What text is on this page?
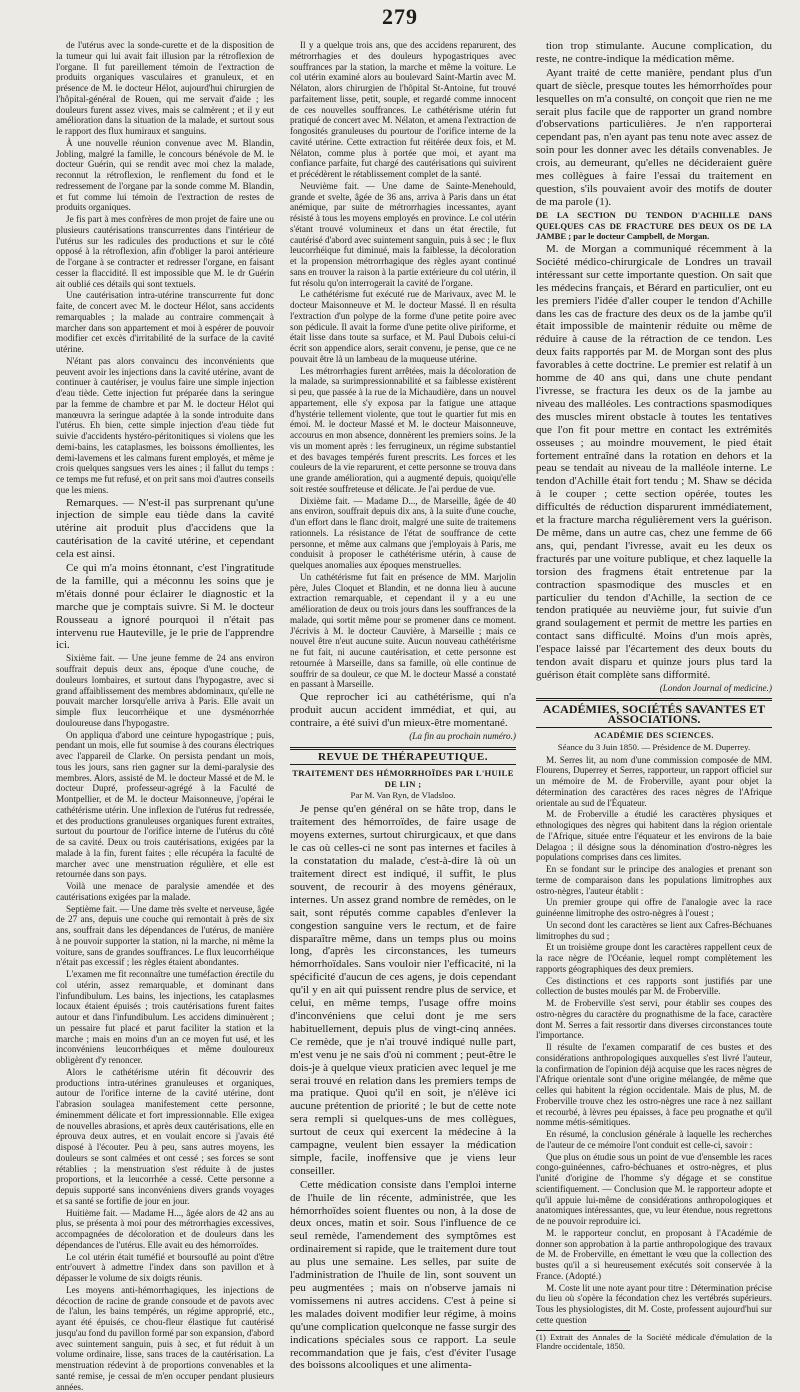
279

de l'utérus avec la sonde-curette et de la disposition de la tumeur qui lui avait fait illusion par la rétroflexion de l'organe. Il fut pareillement témoin de l'extraction de produits organiques vasculaires et granuleux, et en présence de M. le docteur Hélot, aujourd'hui chirurgien de l'hôpital-général de Rouen, qui me servait d'aide ; les douleurs furent assez vives, mais se calmèrent ; et il y eut amélioration dans la situation de la malade, et surtout sous le rapport des flux humiraux et sanguins.

À une nouvelle réunion convenue avec M. Blandin, Jobling, malgré la famille, le concours bénévole de M. le docteur Guérin, qui se rendit avec moi chez la malade, reconnut la rétroflexion, le renflement du fond et le redressement de l'organe par la sonde comme M. Blandin, et fut comme lui témoin de l'extraction de restes de produits organiques.

Je fis part à mes confrères de mon projet de faire une ou plusieurs cautérisations transcurrentes dans l'intérieur de l'utérus sur les radicules des productions et sur le côté opposé à la rétroflexion, afin d'obliger la paroi antérieure de l'organe à se contracter et redresser l'organe, en faisant cesser la flaccidité. Il est impossible que M. le dr Guérin ait oublié ces détails qui sont textuels.

Une cautérisation intra-utérine transcurrente fut donc faite, de concert avec M. le docteur Hélot, sans accidents remarquables ; la malade au contraire commençait à marcher dans son appartement et moi à espérer de pouvoir modifier cet excès d'irritabilité de la surface de la cavité utérine.

N'étant pas alors convaincu des inconvénients que peuvent avoir les injections dans la cavité utérine, avant de continuer à cautériser, je voulus faire une simple injection d'eau tiède. Cette injection fut préparée dans la seringue par la femme de chambre et par M. le docteur Hélot qui manœuvra la seringue adaptée à la sonde introduite dans l'utérus. Eh bien, cette simple injection d'eau tiède fut suivie d'accidents hystéro-péritonitiques si violens que les demi-bains, les cataplasmes, les boissons émollientes, les demi-lavemens et les calmans furent employés, et même je crois quelques sangsues vers les aines ; il fallut du temps : ce temps me fut refusé, et on prit sans moi d'autres conseils que les miens.

Remarques. — N'est-il pas surprenant qu'une injection de simple eau tiède dans la cavité utérine ait produit plus d'accidens que la cautérisation de la cavité utérine, et cependant cela est ainsi.

Ce qui m'a moins étonnant, c'est l'ingratitude de la famille, qui a méconnu les soins que je m'étais donné pour éclairer le diagnostic et la marche que je comptais suivre. Si M. le docteur Rousseau a ignoré pourquoi il n'était pas intervenu rue Hauteville, je le prie de l'apprendre ici.

Sixième fait. — Une jeune femme de 24 ans environ souffrait depuis deux ans, époque d'une couche, de douleurs lombaires, et surtout dans l'hypogastre, avec si grand affaiblissement des membres abdominaux, qu'elle ne pouvait marcher lorsqu'elle arriva à Paris. Elle avait un simple flux leucorrhéique et une dysménorrhée douloureuse dans l'hypogastre.

On appliqua d'abord une ceinture hypogastrique ; puis, pendant un mois, elle fut soumise à des courans électriques avec l'appareil de Clarke. On persista pendant un mois, tous les jours, sans rien gagner sur la demi-paralysie des membres. Alors, assisté de M. le docteur Massé et de M. le docteur Dupré, professeur-agrégé à la Faculté de Montpellier, et de M. le docteur Maisonneuve, j'opérai le cathétérisme utérin. Une inflexion de l'utérus fut redressée, et des productions granuleuses organiques furent extraites, surtout du pourtour de l'orifice interne de l'utérus du côté de sa cavité. Deux ou trois cautérisations, exigées par la malade à la fin, furent faites ; elle récupéra la faculté de marcher avec une menstruation régulière, et elle est retournée dans son pays.

Voilà une menace de paralysie amendée et des cautérisations exigées par la malade.

Septième fait. — Une dame très svelte et nerveuse, âgée de 27 ans, depuis une couche qui remontait à près de six ans, souffrait dans les dépendances de l'utérus, de manière à ne pouvoir supporter la station, ni la marche, ni même la voiture, sans de grandes souffrances. Le flux leucorrhéique n'était pas excessif ; les règles étaient abondantes.

L'examen me fit reconnaître une tuméfaction érectile du col utérin, assez remarquable, et dominant dans l'infundibulum. Les bains, les injections, les cataplasmes locaux étaient épuisés ; trois cautérisations furent faites autour et dans l'infundibulum. Les accidens diminuèrent ; un pessaire fut placé et parut faciliter la station et la marche ; mais en moins d'un an ce moyen fut usé, et les inconvéniens leucorrhéiques et même douloureux obligèrent d'y renoncer.

Alors le cathétérisme utérin fit découvrir des productions intra-utérines granuleuses et organiques, autour de l'orifice interne de la cavité utérine, dont l'abrasion soulagea manifestement cette personne, éminemment délicate et fort impressionnable. Elle exigea de nouvelles abrasions, et après deux cautérisations, elle en éprouva deux autres, et en voulait encore si j'avais été disposé à l'écouter. Peu à peu, sans autres moyens, les douleurs se sont calmées et ont cessé ; ses forces se sont rétablies ; la menstruation s'est réduite à de justes proportions, et la leucorrhée a cessé. Cette personne a depuis supporté sans inconvéniens divers grands voyages et sa santé se fortifie de jour en jour.

Huitième fait. — Madame H..., âgée alors de 42 ans au plus, se présenta à moi pour des métrorrhagies excessives, accompagnées de décoloration et de douleurs dans les dépendances de l'utérus. Elle avait eu des hémorroïdes.

Le col utérin était tuméfié et boursouflé au point d'être entr'ouvert à admettre l'index dans son pavillon et à dépasser le volume de six doigts réunis.

Les moyens anti-hémorrhagiques, les injections de décoction de racine de grande consoude et de pavots avec de l'alun, les bains tempérés, un régime approprié, etc., ayant été épuisés, ce chou-fleur élastique fut cautérisé jusqu'au fond du pavillon formé par son expansion, d'abord avec suintement sanguin, puis à sec, et fut réduit à un volume ordinaire, lisse, sans traces de la cautérisation. La menstruation rédevint à de proportions convenables et la santé remise, je cessai de m'en occuper pendant plusieurs années.

Il y a quelque trois ans, que des accidens reparurent, des métrorrhagies et des douleurs hypogastriques avec souffrances par la station, la marche et même la voiture. Le col utérin examiné alors au boulevard Saint-Martin avec M. Nélaton, alors chirurgien de l'hôpital St-Antoine, fut trouvé parfaitement lisse, petit, souple, et regardé comme innocent de ces nouvelles souffrances. Le cathétérisme utérin fut pratiqué de concert avec M. Nélaton, et amena l'extraction de fongosités granuleuses du pourtour de l'orifice interne de la cavité utérine. Cette extraction fut réitérée deux fois, et M. Nélaton, comme plus à portée que moi, et ayant ma confiance parfaite, fut chargé des cautérisations qui suivirent et précédèrent le rétablissement complet de la santé.

Neuvième fait. — Une dame de Sainte-Menehould, grande et svelte, âgée de 36 ans, arriva à Paris dans un état anémique, par suite de métrorrhagies incessantes, ayant résisté à tous les moyens employés en province. Le col utérin s'étant trouvé volumineux et dans un état érectile, fut cautérisé d'abord avec suintement sanguin, puis à sec ; le flux leucorrhéique fut diminué, mais la faiblesse, la décoloration et la propension métrorrhagique des règles ayant continué sans en trouver la raison à la partie extérieure du col utérin, il fut résolu qu'on interrogerait la cavité de l'organe.

Le cathétérisme fut exécuté rue de Marivaux, avec M. le docteur Maisonneuve et M. le docteur Massé. Il en résulta l'extraction d'un polype de la forme d'une petite poire avec son pédicule. Il avait la forme d'une petite olive piriforme, et était lisse dans toute sa surface, et M. Paul Dubois celui-ci écrit son appendice alors, serait convenu, je pense, que ce ne pouvait être là un lambeau de la muqueuse utérine.

Les métrorrhagies furent arrêtées, mais la décoloration de la malade, sa surimpressionnabilité et sa faiblesse existèrent si peu, que passée à la rue de la Michaudière, dans un nouvel appartement, elle s'y exposa par la fatigue une attaque d'hystérie tellement violente, que tout le quartier fut mis en émoi. M. le docteur Massé et M. le docteur Maisonneuve, accourus en mon absence, donnèrent les premiers soins. Je la vis un moment après : les ferrugineux, un régime substantiel et des bavages tempérés furent prescrits. Les forces et les couleurs de la vie reparurent, et cette personne se trouva dans une grande amélioration, qui a augmenté depuis, quoiqu'elle soit restée souffreteuse et délicate. Je l'ai perdue de vue.

Dixième fait. — Madame D..., de Marseille, âgée de 40 ans environ, souffrait depuis dix ans, à la suite d'une couche, d'un effort dans le flanc droit, malgré une suite de traitemens rationnels. La résistance de l'état de souffrance de cette personne, et même aux calmans que j'employais à Paris, me conduisit à proposer le cathétérisme utérin, à cause de quelques anomalies aux époques menstruelles.

Un cathétérisme fut fait en présence de MM. Marjolin père, Jules Cloquet et Blandin, et ne donna lieu à aucune extraction remarquable, et cependant il y a eu une amélioration de deux ou trois jours dans les souffrances de la malade, qui sortit même pour se promener dans ce moment. J'écrivis à M. le docteur Cauvière, à Marseille ; mais ce nouvel être n'eut aucune suite. Aucun nouveau cathétérisme ne fut fait, ni aucune cautérisation, et cette personne est retournée à Marseille, dans sa famille, où elle continue de souffrir de sa douleur, ce que M. le docteur Massé a constaté en passant à Marseille.

Que reprocher ici au cathétérisme, qui n'a produit aucun accident immédiat, et qui, au contraire, a été suivi d'un mieux-être momentané.

(La fin au prochain numéro.)

REVUE DE THÉRAPEUTIQUE.
TRAITEMENT DES HÉMORRHOÏDES PAR L'HUILE DE LIN ;
Par M. Van Ryn, de Vladsloo.

Je pense qu'en général on se hâte trop, dans le traitement des hémorroïdes, de faire usage de moyens externes, surtout chirurgicaux, et que dans le cas où celles-ci ne sont pas internes et faciles à la constatation du malade, c'est-à-dire là où un traitement direct est indiqué, il suffit, le plus souvent, de recourir à des moyens généraux, internes. Un assez grand nombre de remèdes, on le sait, sont réputés comme capables d'enlever la congestion sanguine vers le rectum, et de faire disparaître même, dans un temps plus ou moins long, d'après les circonstances, les tumeurs hémorrhoïdales. Sans vouloir nier l'efficacité, ni la spécificité d'aucun de ces agens, je dois cependant qu'il y en ait qui puissent rendre plus de service, et celui, en même temps, l'usage offre moins d'inconvéniens que celui dont je me sers habituellement, depuis plus de vingt-cinq années. Ce remède, que je n'ai trouvé indiqué nulle part, m'est venu je ne sais d'où ni comment ; peut-être le dois-je à quelque vieux praticien avec lequel je me serai trouvé en relation dans les premiers temps de ma pratique. Quoi qu'il en soit, je n'élève ici aucune prétention de priorité ; le but de cette note sera rempli si quelques-uns de mes collègues, surtout de ceux qui exercent la médecine à la campagne, veulent bien essayer la médication simple, facile, inoffensive que je viens leur conseiller.

Cette médication consiste dans l'emploi interne de l'huile de lin récente, administrée, que les hémorrhoïdes soient fluentes ou non, à la dose de deux onces, matin et soir. Sous l'influence de ce seul remède, l'amendement des symptômes est ordinairement si rapide, que le traitement dure tout au plus une semaine. Les selles, par suite de l'administration de l'huile de lin, sont souvent un peu augmentées ; mais on n'observe jamais ni vomissemens ni autres accidens. C'est à peine si les malades doivent modifier leur régime, à moins qu'une complication quelconque ne fasse surgir des indications spéciales sous ce rapport. La seule recommandation que je fais, c'est d'éviter l'usage des boissons alcooliques et une alimenta-

tion trop stimulante. Aucune complication, du reste, ne contre-indique la médication même.

Ayant traité de cette manière, pendant plus d'un quart de siècle, presque toutes les hémorrhoïdes pour lesquelles on m'a consulté, on conçoit que rien ne me serait plus facile que de rapporter un grand nombre d'observations particulières. Je n'en rapporterai cependant pas, n'en ayant pas tenu note avec assez de soin pour les donner avec les détails convenables. Je crois, au demeurant, qu'elles ne décideraient guère mes collègues à faire l'essai du traitement en question, s'ils pouvaient avoir des motifs de douter de ma parole (1).

DE LA SECTION DU TENDON D'ACHILLE DANS QUELQUES CAS DE FRACTURE DES DEUX OS DE LA JAMBE ; par le docteur Campbell, de Morgan.

M. de Morgan a communiqué récemment à la Société médico-chirurgicale de Londres un travail intéressant sur cette importante question. On sait que les médecins français, et Bérard en particulier, ont eu les premiers l'idée d'aller couper le tendon d'Achille dans les cas de fracture des deux os de la jambe qu'il était impossible de maintenir réduite ou même de réduire à cause de la rétraction de ce tendon. Les deux faits rapportés par M. de Morgan sont des plus favorables à cette doctrine. Le premier est relatif à un homme de 40 ans qui, dans une chute pendant l'ivresse, se fractura les deux os de la jambe au niveau des malléoles. Les contractions spasmodiques des muscles mirent obstacle à toutes les tentatives que l'on fit pour mettre en contact les extrémités osseuses ; au moindre mouvement, le pied était fortement entraîné dans la rotation en dehors et la peau se tendait au niveau de la malléole interne. Le tendon d'Achille était fort tendu ; M. Shaw se décida à le couper ; cette section opérée, toutes les difficultés de réduction disparurent immédiatement, et la fracture marcha régulièrement vers la guérison. De même, dans un autre cas, chez une femme de 66 ans, qui, pendant l'ivresse, avait eu les deux os fracturés par une voiture publique, et chez laquelle la torsion des fragmens était entretenue par la contraction spasmodique des muscles et en particulier du tendon d'Achille, la section de ce tendon pratiquée au neuvième jour, fut suivie d'un grand soulagement et permit de mettre les parties en contact sans difficulté. Moins d'un mois après, l'espace laissé par l'écartement des deux bouts du tendon avait disparu et quinze jours plus tard la guérison était complète sans difformité.

(London Journal of medicine.)

ACADÉMIES, SOCIÉTÉS SAVANTES ET ASSOCIATIONS.
ACADÉMIE DES SCIENCES.
Séance du 3 Juin 1850. — Présidence de M. Duperrey.

M. Serres lit, au nom d'une commission composée de MM. Flourens, Duperrey et Serres, rapporteur, un rapport officiel sur un mémoire de M. de Froberville, ayant pour objet la détermination des caractères des races nègres de l'Afrique orientale au sud de l'Équateur.

M. de Froberville a étudié les caractères physiques et ethnologiques des nègres qui habitent dans la région orientale de l'Afrique, située entre l'équateur et les environs de la baie Delagoa ; il désigne sous la dénomination d'ostro-nègres les populations comprises dans ces limites.

En se fondant sur le principe des analogies et prenant son terme de comparaison dans les populations limitrophes aux ostro-nègres, l'auteur établit :

Un premier groupe qui offre de l'analogie avec la race guinéenne limitrophe des ostro-nègres à l'ouest ;

Un second dont les caractères se lient aux Cafres-Béchuanes limitrophes du sud ;

Et un troisième groupe dont les caractères rappellent ceux de la race nègre de l'Océanie, lequel rompt complètement les rapports géographiques des deux premiers.

Ces distinctions et ces rapports sont justifiés par une collection de bustes moulés par M. de Froberville.

M. de Froberville s'est servi, pour établir ses coupes des ostro-nègres du caractère du prognathisme de la face, caractère dont M. Serres a fait ressortir dans diverses circonstances toute l'importance.

Il résulte de l'examen comparatif de ces bustes et des considérations anthropologiques auxquelles s'est livré l'auteur, la confirmation de l'opinion déjà acquise que les races nègres de l'Afrique orientale sont d'une origine mélangée, de même que celles qui habitent la région occidentale. Mais de plus, M. de Froberville trouve chez les ostro-nègres une race à nez saillant et recourbé, à lèvres peu épaisses, à face peu prognathe et qu'il nomme métis-sémitiques.

En résumé, la conclusion générale à laquelle les recherches de l'auteur de ce mémoire l'ont conduit est celle-ci, savoir :

Que plus on étudie sous un point de vue d'ensemble les races congo-guinéennes, cafro-béchuanes et ostro-nègres, et plus l'unité d'origine de l'homme s'y dégage et se constitue scientifiquement. — Conclusion que M. le rapporteur adopte et qu'il appuie lui-même de considérations anthropologiques et anatomiques intéressantes, que, vu leur étendue, nous regrettons de ne pouvoir reproduire ici.

M. le rapporteur conclut, en proposant à l'Académie de donner son approbation à la partie anthropologique des travaux de M. de Froberville, en émettant le vœu que la collection des bustes qu'il a si heureusement exécutés soit conservée à la France. (Adopté.)

M. Coste lit une note ayant pour titre : Détermination précise du lieu où s'opère la fécondation chez les vertébrés supérieurs. Tous les physiologistes, dit M. Coste, professent aujourd'hui sur cette question

(1) Extrait des Annales de la Société médicale d'émulation de la Flandre occidentale, 1850.
